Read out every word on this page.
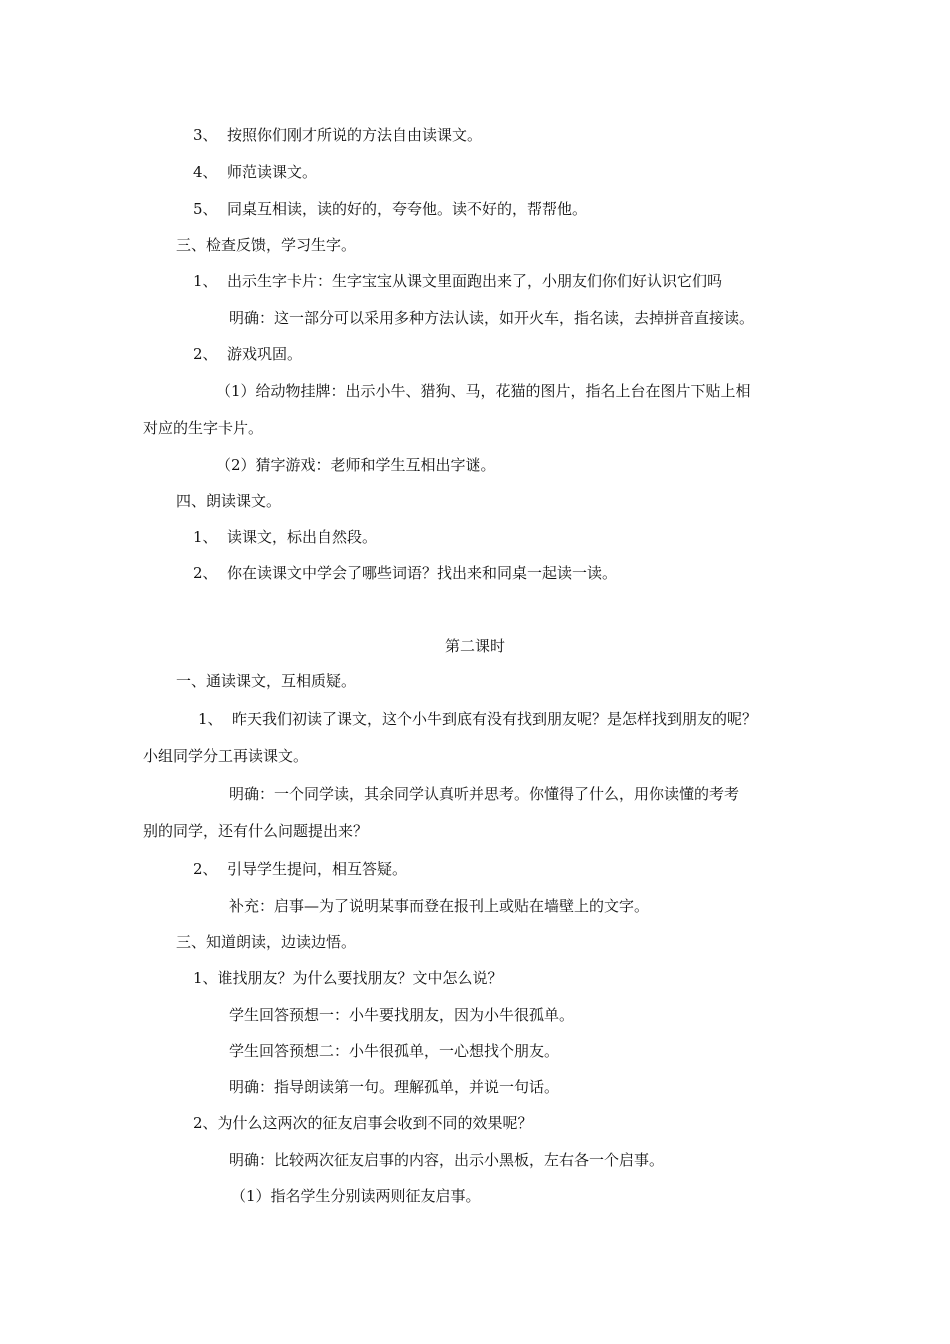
3、 按照你们刚才所说的方法自由读课文。
4、 师范读课文。
5、 同桌互相读，读的好的，夸夸他。读不好的，帮帮他。
三、检查反馈，学习生字。
1、 出示生字卡片：生字宝宝从课文里面跑出来了，小朋友们你们好认识它们吗
明确：这一部分可以采用多种方法认读，如开火车，指名读，去掉拼音直接读。
2、 游戏巩固。
（1）给动物挂牌：出示小牛、猎狗、马，花猫的图片，指名上台在图片下贴上相
对应的生字卡片。
（2）猜字游戏：老师和学生互相出字谜。
四、朗读课文。
1、 读课文，标出自然段。
2、 你在读课文中学会了哪些词语？找出来和同桌一起读一读。
第二课时
一、通读课文，互相质疑。
1、 昨天我们初读了课文，这个小牛到底有没有找到朋友呢？是怎样找到朋友的呢？
小组同学分工再读课文。
明确：一个同学读，其余同学认真听并思考。你懂得了什么，用你读懂的考考
别的同学，还有什么问题提出来？
2、 引导学生提问，相互答疑。
补充：启事—为了说明某事而登在报刊上或贴在墙壁上的文字。
三、知道朗读，边读边悟。
1、谁找朋友？为什么要找朋友？文中怎么说？
学生回答预想一：小牛要找朋友，因为小牛很孤单。
学生回答预想二：小牛很孤单，一心想找个朋友。
明确：指导朗读第一句。理解孤单，并说一句话。
2、为什么这两次的征友启事会收到不同的效果呢？
明确：比较两次征友启事的内容，出示小黑板，左右各一个启事。
（1）指名学生分别读两则征友启事。
